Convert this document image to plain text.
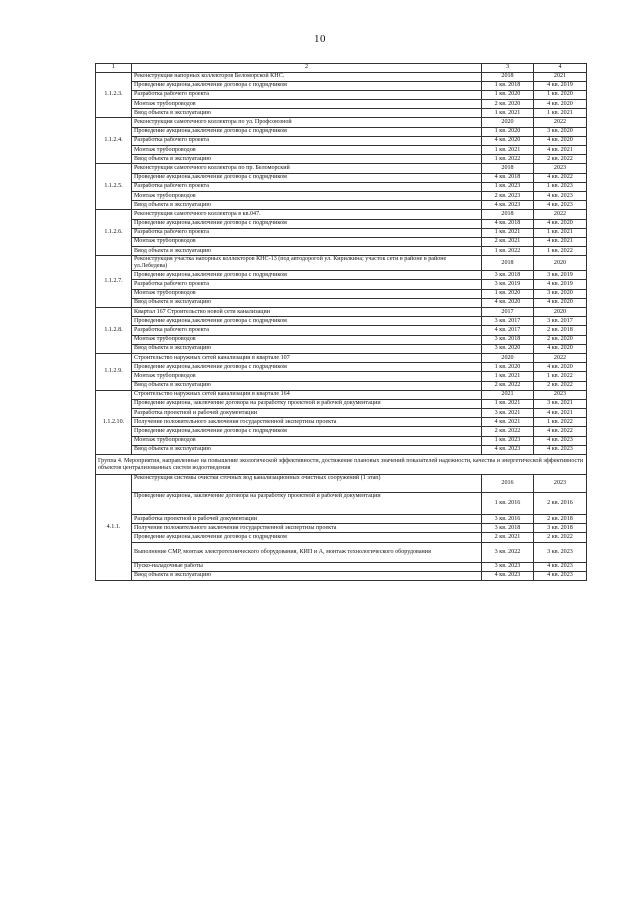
10
1	2	3	4
1.1.2.3.	Реконструкция напорных коллекторов Беломорской КНС.	2018	2021
	Проведение аукциона,заключение договора с подрядчиком	1 кв. 2018	4 кв. 2019
	Разработка рабочего проекта	1 кв. 2020	1 кв. 2020
	Монтаж трубопроводов	2 кв. 2020	4 кв. 2020
	Ввод объекта в эксплуатацию	1 кв. 2021	1 кв. 2021
1.1.2.4.	Реконструкция самотечного коллектора по ул. Профсоюзной	2020	2022
	Проведение аукциона,заключение договора с подрядчиком	1 кв. 2020	3 кв. 2020
	Разработка рабочего проекта	4 кв. 2020	4 кв. 2020
	Монтаж трубопроводов	1 кв. 2021	4 кв. 2021
	Ввод объекта в эксплуатацию	1 кв. 2022	2 кв. 2022
1.1.2.5.	Реконструкция самотечного коллектора по пр. Беломорский	2018	2023
	Проведение аукциона,заключение договора с подрядчиком	4 кв. 2018	4 кв. 2022
	Разработка рабочего проекта	1 кв. 2023	1 кв. 2023
	Монтаж трубопроводов	2 кв. 2023	4 кв. 2023
	Ввод объекта в эксплуатацию	4 кв. 2023	4 кв. 2023
1.1.2.6.	Реконструкция самотечного коллектора в кв.047.	2018	2022
	Проведение аукциона,заключение договора с подрядчиком	4 кв. 2018	4 кв. 2020
	Разработка рабочего проекта	1 кв. 2021	1 кв. 2021
	Монтаж трубопроводов	2 кв. 2021	4 кв. 2021
	Ввод объекта в эксплуатацию	1 кв. 2022	1 кв. 2022
1.1.2.7.	Реконструкция участка напорных коллекторов КНС-13 (под автодорогой ул. Кирилкина; участок сети в районе в районе ул.Лебедева)	2018	2020
	Проведение аукциона,заключение договора с подрядчиком	3 кв. 2018	3 кв. 2019
	Разработка рабочего проекта	3 кв. 2019	4 кв. 2019
	Монтаж трубопроводов	1 кв. 2020	3 кв. 2020
	Ввод объекта в эксплуатацию	4 кв. 2020	4 кв. 2020
1.1.2.8.	Квартал 167 Строительство новой сети канализации	2017	2020
	Проведение аукциона,заключение договора с подрядчиком	3 кв. 2017	3 кв. 2017
	Разработка рабочего проекта	4 кв. 2017	2 кв. 2018
	Монтаж трубопроводов	3 кв. 2018	2 кв. 2020
	Ввод объекта в эксплуатацию	3 кв. 2020	4 кв. 2020
1.1.2.9.	Строительство наружных сетей канализации в квартале 107	2020	2022
	Проведение аукциона,заключение договора с подрядчиком	1 кв. 2020	4 кв. 2020
	Монтаж трубопроводов	1 кв. 2021	1 кв. 2022
	Ввод объекта в эксплуатацию	2 кв. 2022	2 кв. 2022
1.1.2.10.	Строительство наружных сетей канализации в квартале 164	2021	2023
	Проведение аукциона, заключение договора на разработку проектной и рабочей документации	1 кв. 2021	3 кв. 2021
	Разработка проектной и рабочей документации	3 кв. 2021	4 кв. 2021
	Получение положительного заключения государственной экспертизы проекта	4 кв. 2021	1 кв. 2022
	Проведение аукциона,заключение договора с подрядчиком	2 кв. 2022	4 кв. 2022
	Монтаж трубопроводов	1 кв. 2023	4 кв. 2023
	Ввод объекта в эксплуатацию	4 кв. 2023	4 кв. 2023
Группа 4. Мероприятия, направленные на повышение экологической эффективности, достижение плановых значений показателей надежности, качества и энергетической эффективности объектов централизованных систем водоотведения			
4.1.1.	Реконструкция системы очистки сточных вод канализационных очистных сооружений (1 этап)	2016	2023
	Проведение аукциона, заключение договора на разработку проектной и рабочей документации	1 кв. 2016	2 кв. 2016
	Разработка проектной и рабочей документации	3 кв. 2016	2 кв. 2018
	Получение положительного заключения государственной экспертизы проекта	3 кв. 2018	3 кв. 2018
	Проведение аукциона,заключение договора с подрядчиком	2 кв. 2021	2 кв. 2022
	Выполнение СМР, монтаж электротехнического оборудования, КИП и А, монтаж технологического оборудования	3 кв. 2022	3 кв. 2023
	Пуско-наладочные работы	3 кв. 2023	4 кв. 2023
	Ввод объекта в эксплуатацию	4 кв. 2023	4 кв. 2023
